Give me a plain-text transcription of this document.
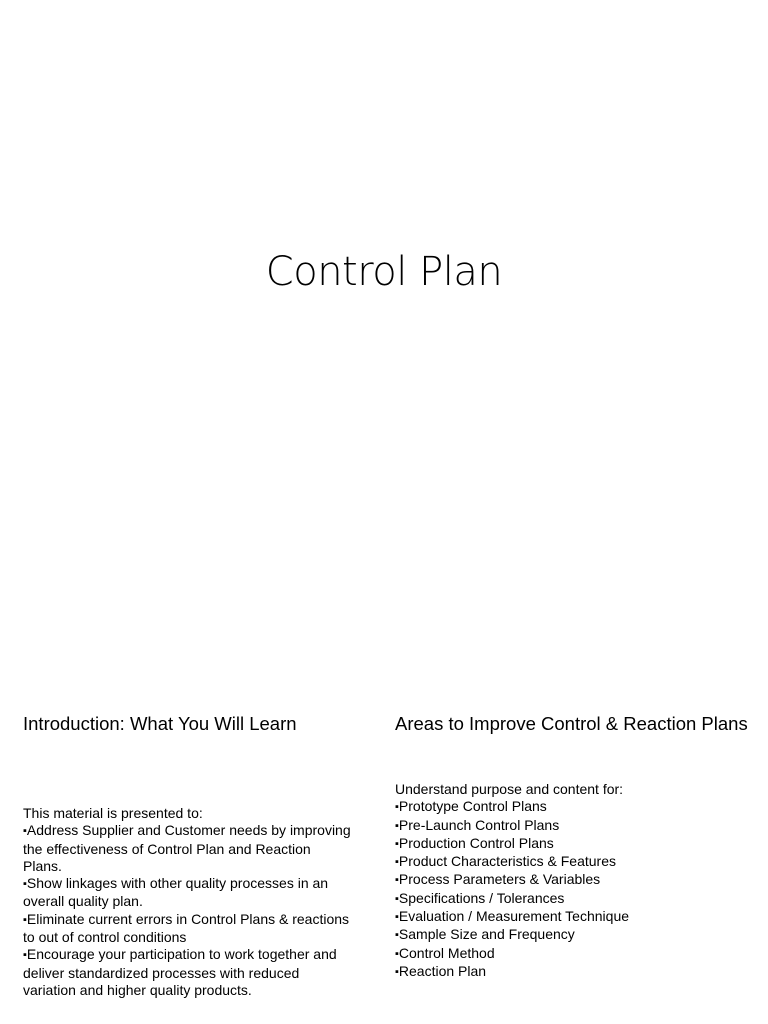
Control Plan
Introduction: What You Will Learn
This material is presented to:
▪ Address Supplier and Customer needs by improving the effectiveness of Control Plan and Reaction Plans.
▪ Show linkages with other quality processes in an overall quality plan.
▪ Eliminate current errors in Control Plans & reactions to out of control conditions
▪ Encourage your participation to work together and deliver standardized processes with reduced variation and higher quality products.
Areas to Improve Control & Reaction Plans
Understand purpose and content for:
▪ Prototype Control Plans
▪ Pre-Launch Control Plans
▪ Production Control Plans
▪ Product Characteristics & Features
▪ Process Parameters & Variables
▪ Specifications / Tolerances
▪ Evaluation / Measurement Technique
▪ Sample Size and Frequency
▪ Control Method
▪ Reaction Plan
